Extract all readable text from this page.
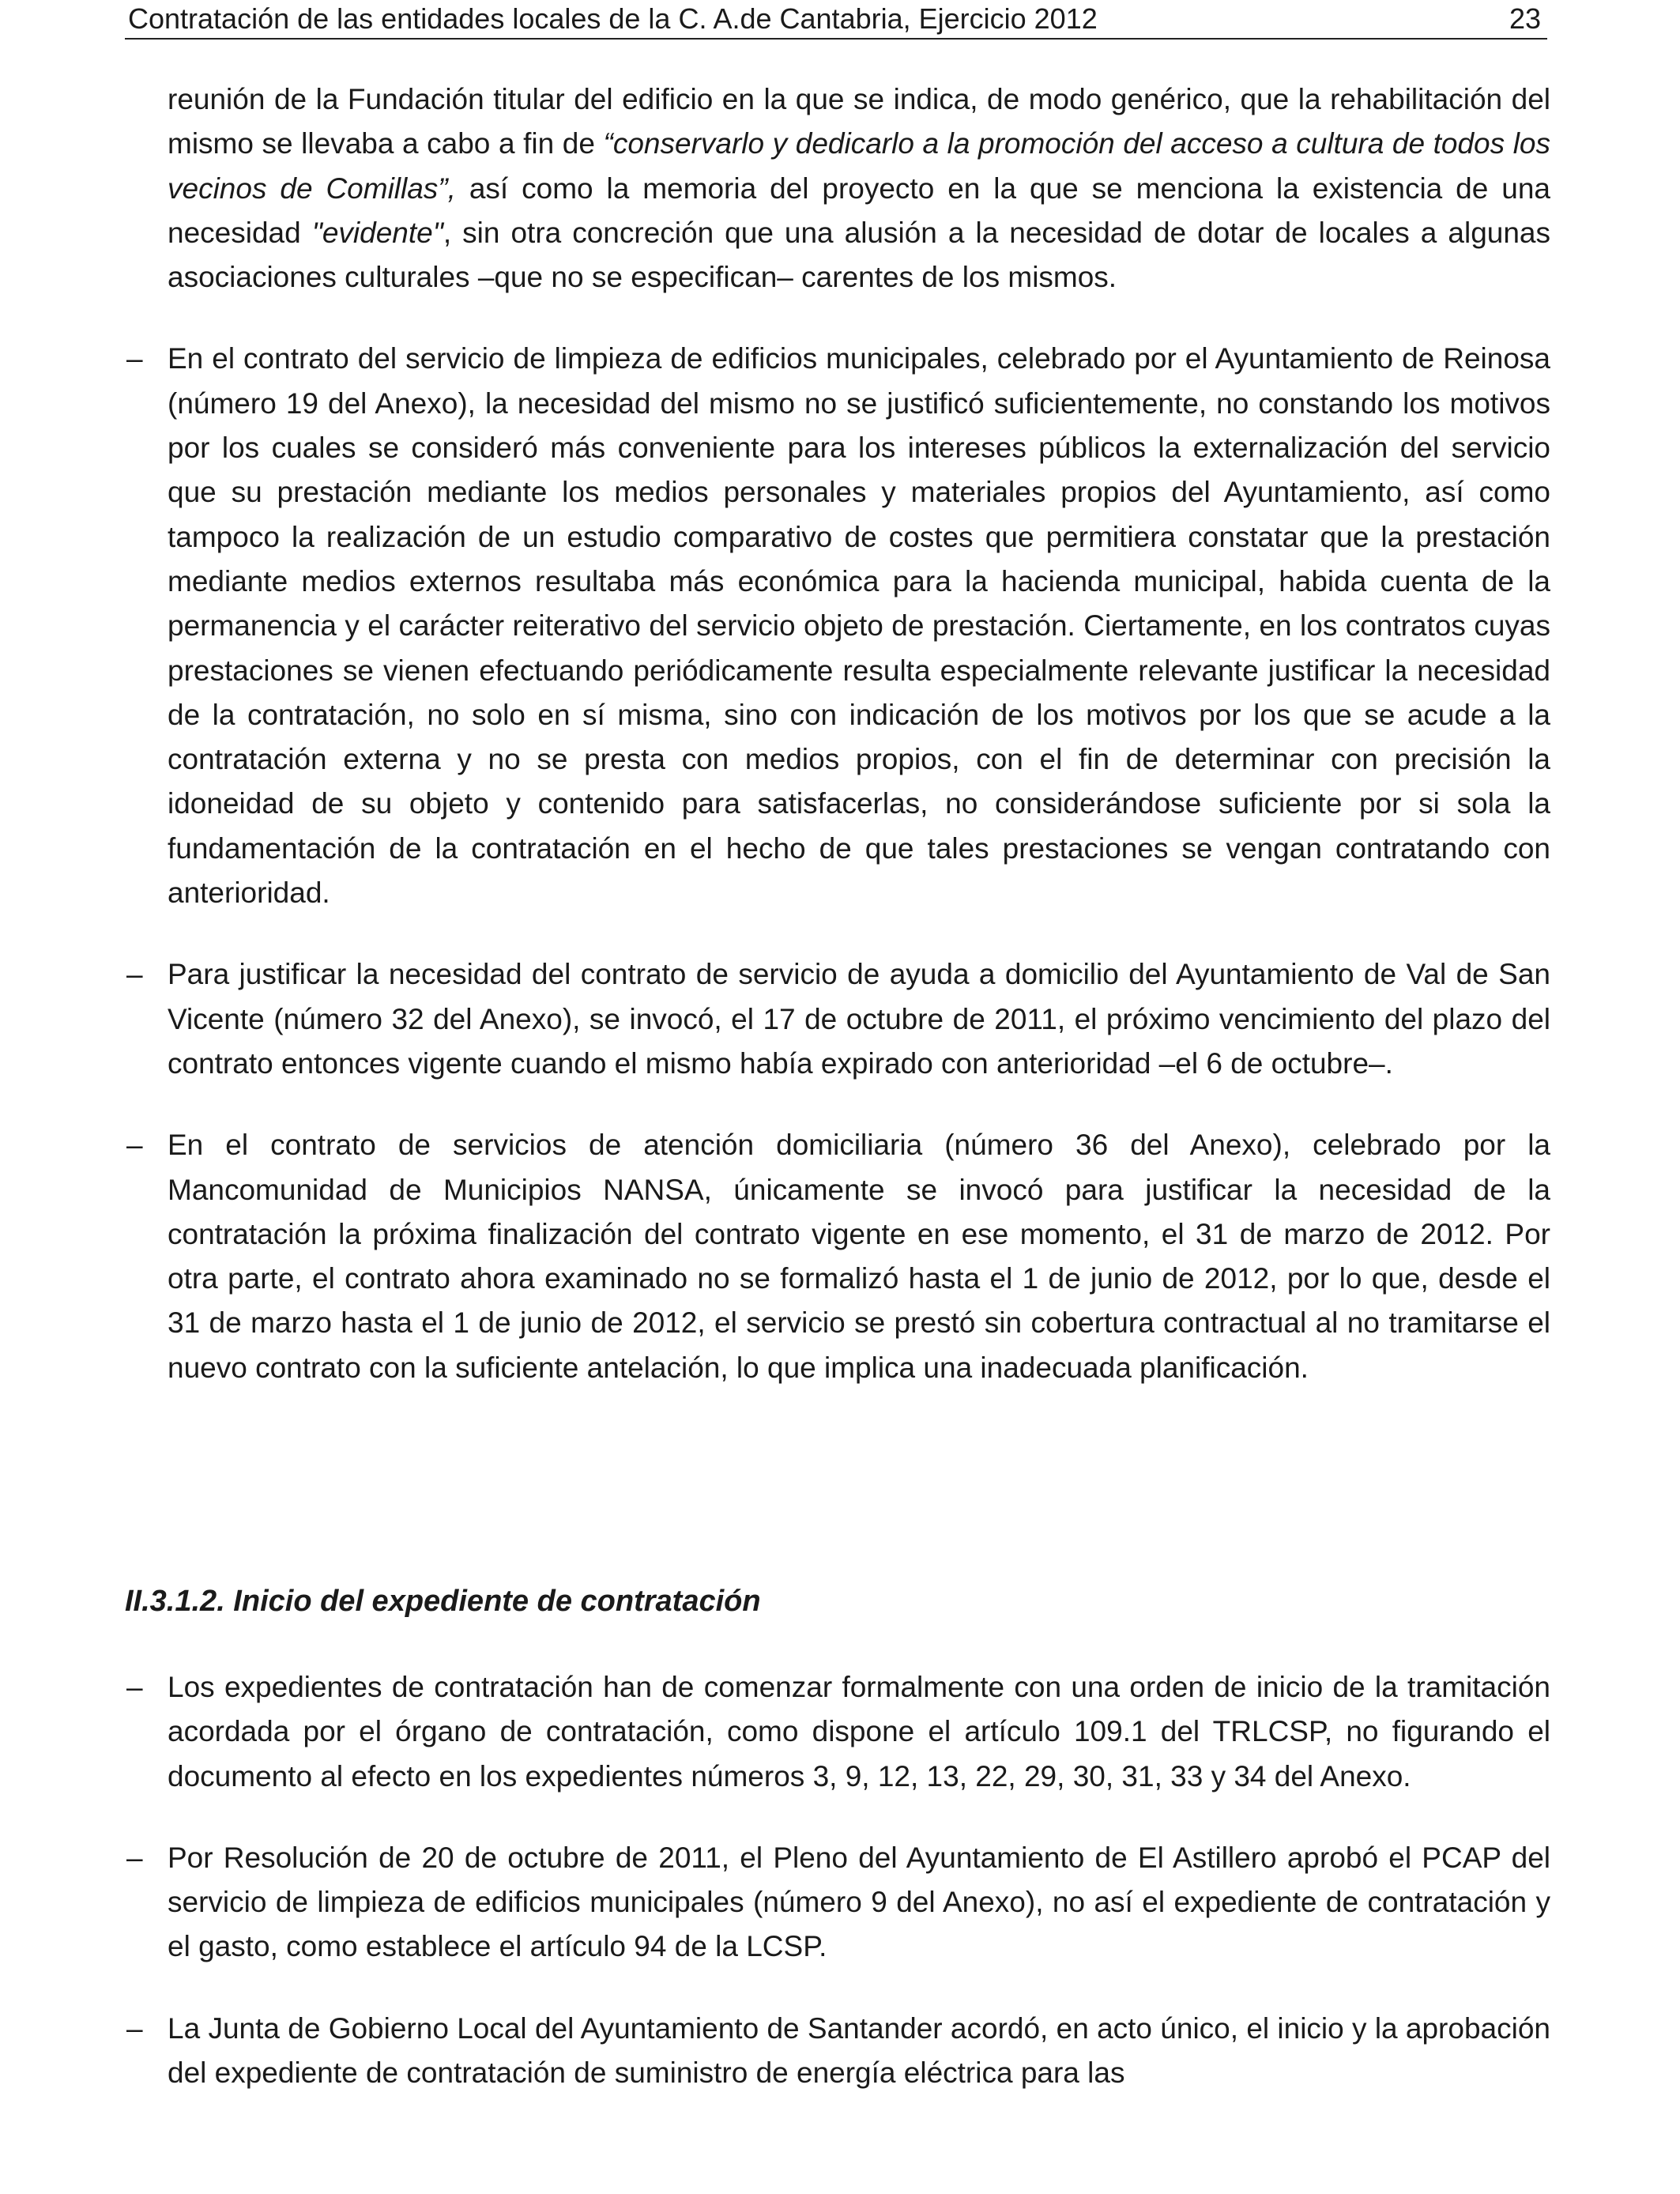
Contratación de las entidades locales de la C. A.de Cantabria, Ejercicio 2012	23

reunión de la Fundación titular del edificio en la que se indica, de modo genérico, que la rehabilitación del mismo se llevaba a cabo a fin de “conservarlo y dedicarlo a la promoción del acceso a cultura de todos los vecinos de Comillas”, así como la memoria del proyecto en la que se menciona la existencia de una necesidad "evidente", sin otra concreción que una alusión a la necesidad de dotar de locales a algunas asociaciones culturales –que no se especifican– carentes de los mismos.

– En el contrato del servicio de limpieza de edificios municipales, celebrado por el Ayuntamiento de Reinosa (número 19 del Anexo), la necesidad del mismo no se justificó suficientemente, no constando los motivos por los cuales se consideró más conveniente para los intereses públicos la externalización del servicio que su prestación mediante los medios personales y materiales propios del Ayuntamiento, así como tampoco la realización de un estudio comparativo de costes que permitiera constatar que la prestación mediante medios externos resultaba más económica para la hacienda municipal, habida cuenta de la permanencia y el carácter reiterativo del servicio objeto de prestación. Ciertamente, en los contratos cuyas prestaciones se vienen efectuando periódicamente resulta especialmente relevante justificar la necesidad de la contratación, no solo en sí misma, sino con indicación de los motivos por los que se acude a la contratación externa y no se presta con medios propios, con el fin de determinar con precisión la idoneidad de su objeto y contenido para satisfacerlas, no considerándose suficiente por si sola la fundamentación de la contratación en el hecho de que tales prestaciones se vengan contratando con anterioridad.

– Para justificar la necesidad del contrato de servicio de ayuda a domicilio del Ayuntamiento de Val de San Vicente (número 32 del Anexo), se invocó, el 17 de octubre de 2011, el próximo vencimiento del plazo del contrato entonces vigente cuando el mismo había expirado con anterioridad –el 6 de octubre–.

– En el contrato de servicios de atención domiciliaria (número 36 del Anexo), celebrado por la Mancomunidad de Municipios NANSA, únicamente se invocó para justificar la necesidad de la contratación la próxima finalización del contrato vigente en ese momento, el 31 de marzo de 2012. Por otra parte, el contrato ahora examinado no se formalizó hasta el 1 de junio de 2012, por lo que, desde el 31 de marzo hasta el 1 de junio de 2012, el servicio se prestó sin cobertura contractual al no tramitarse el nuevo contrato con la suficiente antelación, lo que implica una inadecuada planificación.

II.3.1.2. Inicio del expediente de contratación

– Los expedientes de contratación han de comenzar formalmente con una orden de inicio de la tramitación acordada por el órgano de contratación, como dispone el artículo 109.1 del TRLCSP, no figurando el documento al efecto en los expedientes números 3, 9, 12, 13, 22, 29, 30, 31, 33 y 34 del Anexo.

– Por Resolución de 20 de octubre de 2011, el Pleno del Ayuntamiento de El Astillero aprobó el PCAP del servicio de limpieza de edificios municipales (número 9 del Anexo), no así el expediente de contratación y el gasto, como establece el artículo 94 de la LCSP.

– La Junta de Gobierno Local del Ayuntamiento de Santander acordó, en acto único, el inicio y la aprobación del expediente de contratación de suministro de energía eléctrica para las
